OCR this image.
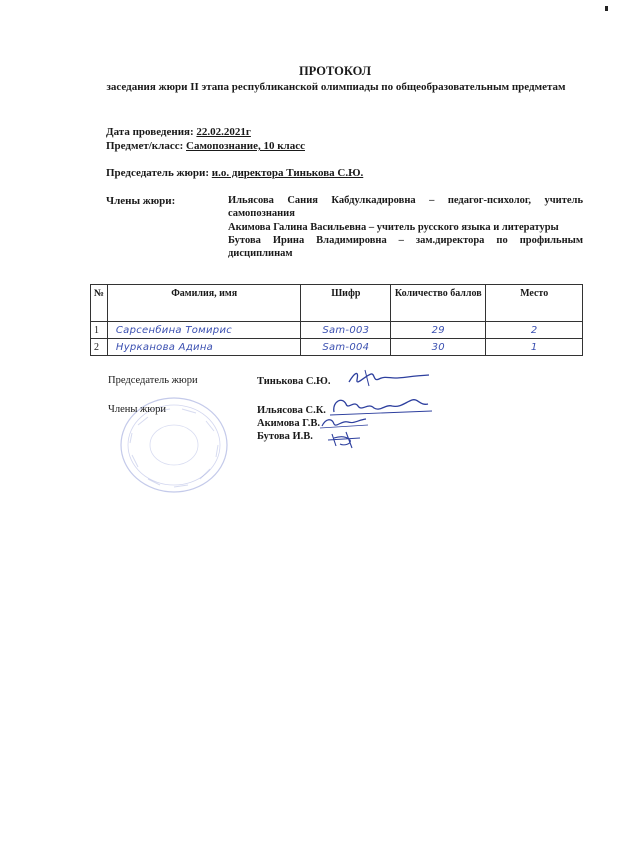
ПРОТОКОЛ
заседания жюри II этапа республиканской олимпиады по общеобразовательным предметам
Дата проведения: 22.02.2021г
Предмет/класс: Самопознание, 10 класс
Председатель жюри: и.о. директора Тинькова С.Ю.
Члены жюри:	Ильясова Сания Кабдулкадировна – педагог-психолог, учитель самопознания

Акимова Галина Васильевна – учитель русского языка и литературы

Бутова Ирина Владимировна – зам.директора по профильным дисциплинам

№	Фамилия, имя	Шифр	Количество баллов	Место
1	Сарсенбина Томирис	Sam-003	29	2
2	Нурканова Адина	Sam-004	30	1
Председатель жюри	Тинькова С.Ю.
Члены жюри	Ильясова С.К.
Акимова Г.В.
Бутова И.В.
